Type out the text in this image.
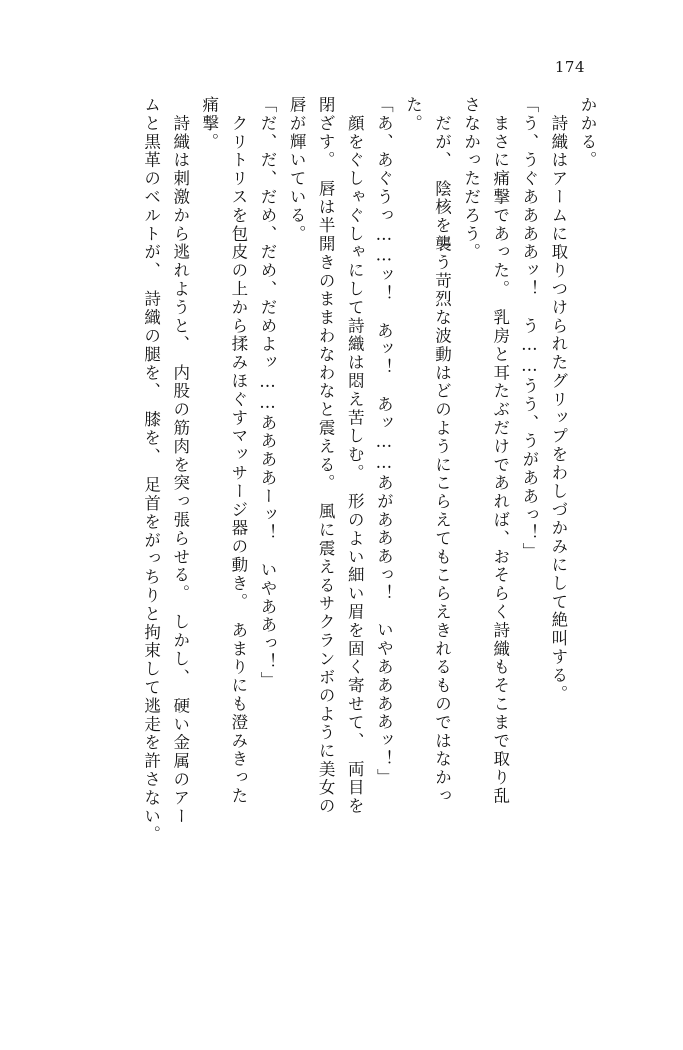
174
ムと黒革のベルトが、　詩織の腿を、　膝を、　足首をがっちりと拘束して逃走を許さない。 　詩織は刺激から逃れようと、　内股の筋肉を突っ張らせる。　しかし、　硬い金属のアー 痛撃。 　クリトリスを包皮の上から揉みほぐすマッサージ器の動き。　あまりにも澄みきった 「だ、だ、だめ、だめ、だめよッ……ああああーッ！　いやああっ！」 唇が輝いている。 閉ざす。　唇は半開きのままわなわなと震える。　風に震えるサクランボのように美女の 　顔をぐしゃぐしゃにして詩織は悶え苦しむ。　形のよい細い眉を固く寄せて、　両目を 「あ、あぐうっ……ッ！　あッ！　あッ……あがあああっ！　いやああああッ！」 た。 　だが、　陰核を襲う苛烈な波動はどのようにこらえてもこらえきれるものではなかっ さなかっただろう。 　まさに痛撃であった。　乳房と耳たぶだけであれば、おそらく詩織もそこまで取り乱 「う、うぐああああッ！　う……うう、うがああっ！」 　詩織はアームに取りつけられたグリップをわしづかみにして絶叫する。 かかる。
